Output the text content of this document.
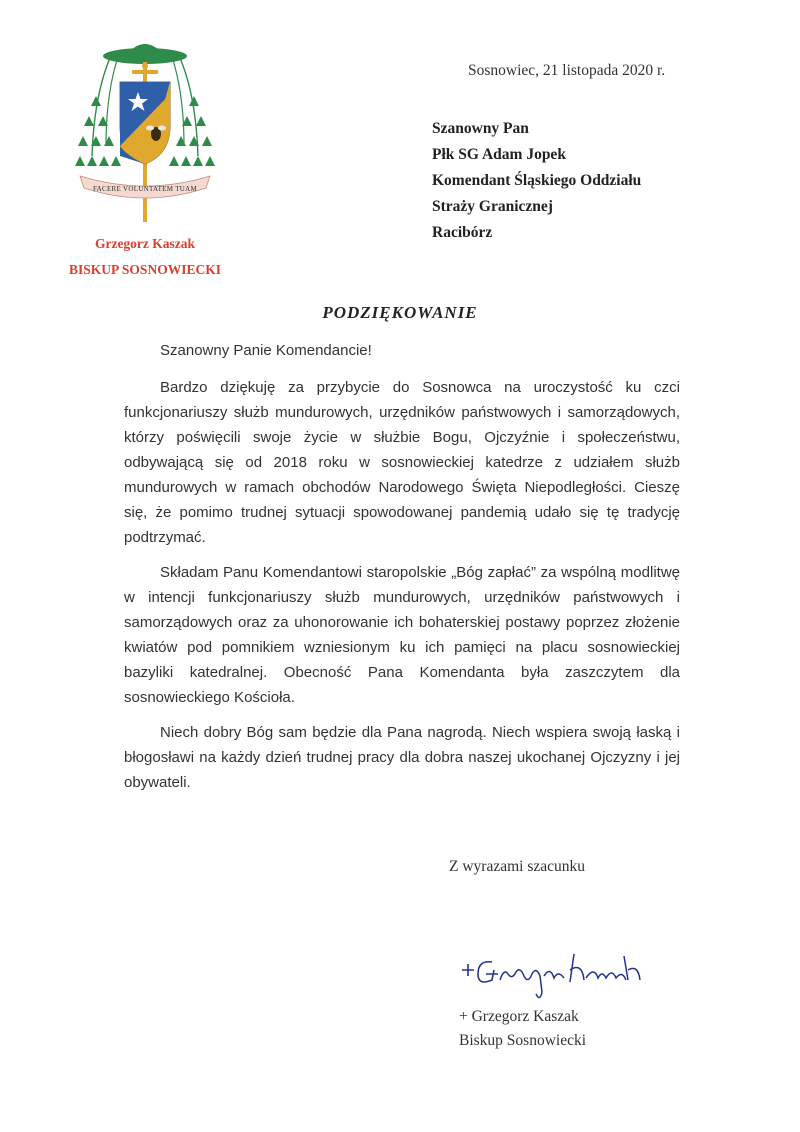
FACERE VOLUNTATEM TUAM
Grzegorz Kaszak
BISKUP SOSNOWIECKI
Sosnowiec, 21 listopada 2020 r.
Szanowny Pan
Płk SG Adam Jopek
Komendant Śląskiego Oddziału
Straży Granicznej
Racibórz
PODZIĘKOWANIE

Szanowny Panie Komendancie!

Bardzo dziękuję za przybycie do Sosnowca na uroczystość ku czci funkcjonariuszy służb mundurowych, urzędników państwowych i samorządowych, którzy poświęcili swoje życie w służbie Bogu, Ojczyźnie i społeczeństwu, odbywającą się od 2018 roku w sosnowieckiej katedrze z udziałem służb mundurowych w ramach obchodów Narodowego Święta Niepodległości. Cieszę się, że pomimo trudnej sytuacji spowodowanej pandemią udało się tę tradycję podtrzymać.

Składam Panu Komendantowi staropolskie „Bóg zapłać” za wspólną modlitwę w intencji funkcjonariuszy służb mundurowych, urzędników państwowych i samorządowych oraz za uhonorowanie ich bohaterskiej postawy poprzez złożenie kwiatów pod pomnikiem wzniesionym ku ich pamięci na placu sosnowieckiej bazyliki katedralnej. Obecność Pana Komendanta była zaszczytem dla sosnowieckiego Kościoła.

Niech dobry Bóg sam będzie dla Pana nagrodą. Niech wspiera swoją łaską i błogosławi na każdy dzień trudnej pracy dla dobra naszej ukochanej Ojczyzny i jej obywateli.

Z wyrazami szacunku
+ Grzegorz Kaszak
Biskup Sosnowiecki
